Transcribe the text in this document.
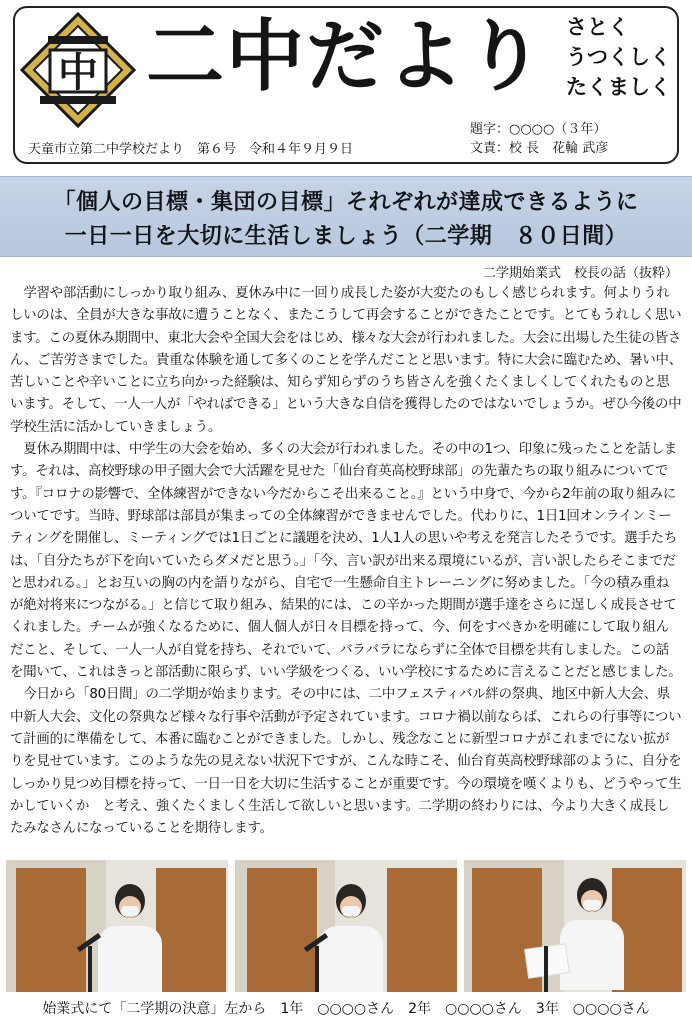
中 二中だより さとく
うつくしく
たくましく
天童市立第二中学校だより　第６号　令和４年９月９日
題字：○○○○（３年）
文責：校 長　花輪 武彦
「個人の目標・集団の目標」それぞれが達成できるように
一日一日を大切に生活しましょう（二学期　８０日間）
二学期始業式　校長の話（抜粋）

学習や部活動にしっかり取り組み、夏休み中に一回り成長した姿が大変たのもしく感じられます。何よりうれしいのは、全員が大きな事故に遭うことなく、またこうして再会することができたことです。とてもうれしく思います。この夏休み期間中、東北大会や全国大会をはじめ、様々な大会が行われました。大会に出場した生徒の皆さん、ご苦労さまでした。貴重な体験を通して多くのことを学んだことと思います。特に大会に臨むため、暑い中、苦しいことや辛いことに立ち向かった経験は、知らず知らずのうち皆さんを強くたくましくしてくれたものと思います。そして、一人一人が「やればできる」という大きな自信を獲得したのではないでしょうか。ぜひ今後の中学校生活に活かしていきましょう。

夏休み期間中は、中学生の大会を始め、多くの大会が行われました。その中の1つ、印象に残ったことを話します。それは、高校野球の甲子園大会で大活躍を見せた「仙台育英高校野球部」の先輩たちの取り組みについてです。『コロナの影響で、全体練習ができない今だからこそ出来ること。』という中身で、今から2年前の取り組みについてです。当時、野球部は部員が集まっての全体練習ができませんでした。代わりに、1日1回オンラインミーティングを開催し、ミーティングでは1日ごとに議題を決め、1人1人の思いや考えを発言したそうです。選手たちは、「自分たちが下を向いていたらダメだと思う。」「今、言い訳が出来る環境にいるが、言い訳したらそこまでだと思われる。」とお互いの胸の内を語りながら、自宅で一生懸命自主トレーニングに努めました。「今の積み重ねが絶対将来につながる。」と信じて取り組み、結果的には、この辛かった期間が選手達をさらに逞しく成長させてくれました。チームが強くなるために、個人個人が日々目標を持って、今、何をすべきかを明確にして取り組んだこと、そして、一人一人が自覚を持ち、それでいて、バラバラにならずに全体で目標を共有しました。この話を聞いて、これはきっと部活動に限らず、いい学級をつくる、いい学校にするために言えることだと感じました。

今日から「80日間」の二学期が始まります。その中には、二中フェスティバル絆の祭典、地区中新人大会、県中新人大会、文化の祭典など様々な行事や活動が予定されています。コロナ禍以前ならば、これらの行事等について計画的に準備をして、本番に臨むことができました。しかし、残念なことに新型コロナがこれまでにない拡がりを見せています。このような先の見えない状況下ですが、こんな時こそ、仙台育英高校野球部のように、自分をしっかり見つめ目標を持って、一日一日を大切に生活することが重要です。今の環境を嘆くよりも、どうやって生かしていくか　と考え、強くたくましく生活して欲しいと思います。二学期の終わりには、今より大きく成長したみなさんになっていることを期待します。

始業式にて「二学期の決意」左から　1年　○○○○さん　2年　○○○○さん　3年　○○○○さん
